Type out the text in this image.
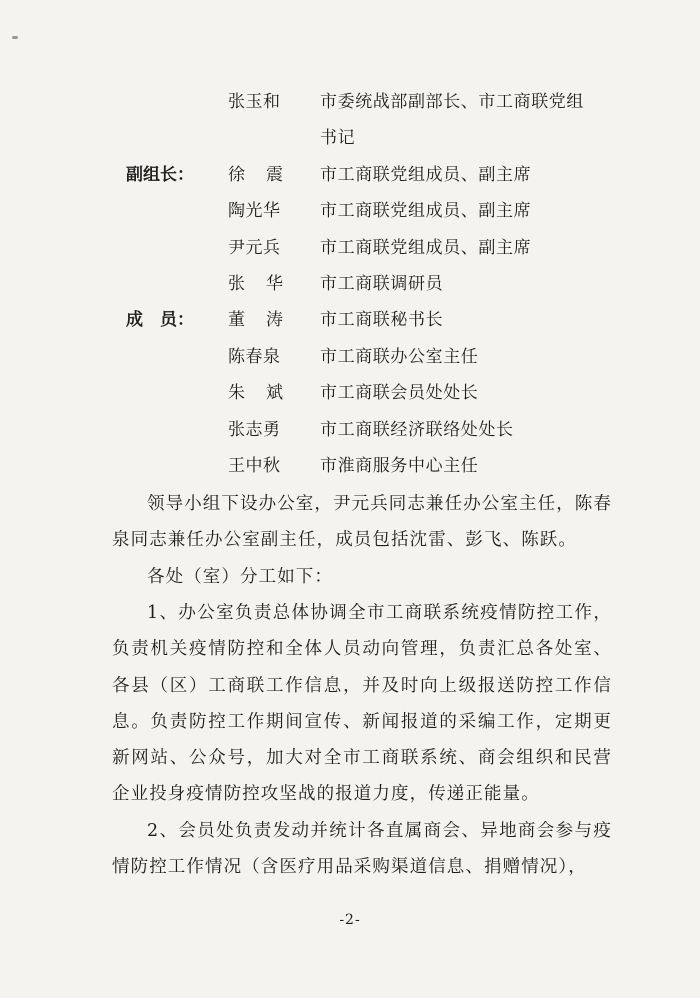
张玉和 市委统战部副部长、市工商联党组
书记
副组长： 徐震 市工商联党组成员、副主席
陶光华 市工商联党组成员、副主席
尹元兵 市工商联党组成员、副主席
张华 市工商联调研员
成　员： 董涛 市工商联秘书长
陈春泉 市工商联办公室主任
朱斌 市工商联会员处处长
张志勇 市工商联经济联络处处长
王中秋 市淮商服务中心主任

领导小组下设办公室，尹元兵同志兼任办公室主任，陈春泉同志兼任办公室副主任，成员包括沈雷、彭飞、陈跃。

各处（室）分工如下：

1、办公室负责总体协调全市工商联系统疫情防控工作，负责机关疫情防控和全体人员动向管理，负责汇总各处室、各县（区）工商联工作信息，并及时向上级报送防控工作信息。负责防控工作期间宣传、新闻报道的采编工作，定期更新网站、公众号，加大对全市工商联系统、商会组织和民营企业投身疫情防控攻坚战的报道力度，传递正能量。

2、会员处负责发动并统计各直属商会、异地商会参与疫情防控工作情况（含医疗用品采购渠道信息、捐赠情况），

-2-
